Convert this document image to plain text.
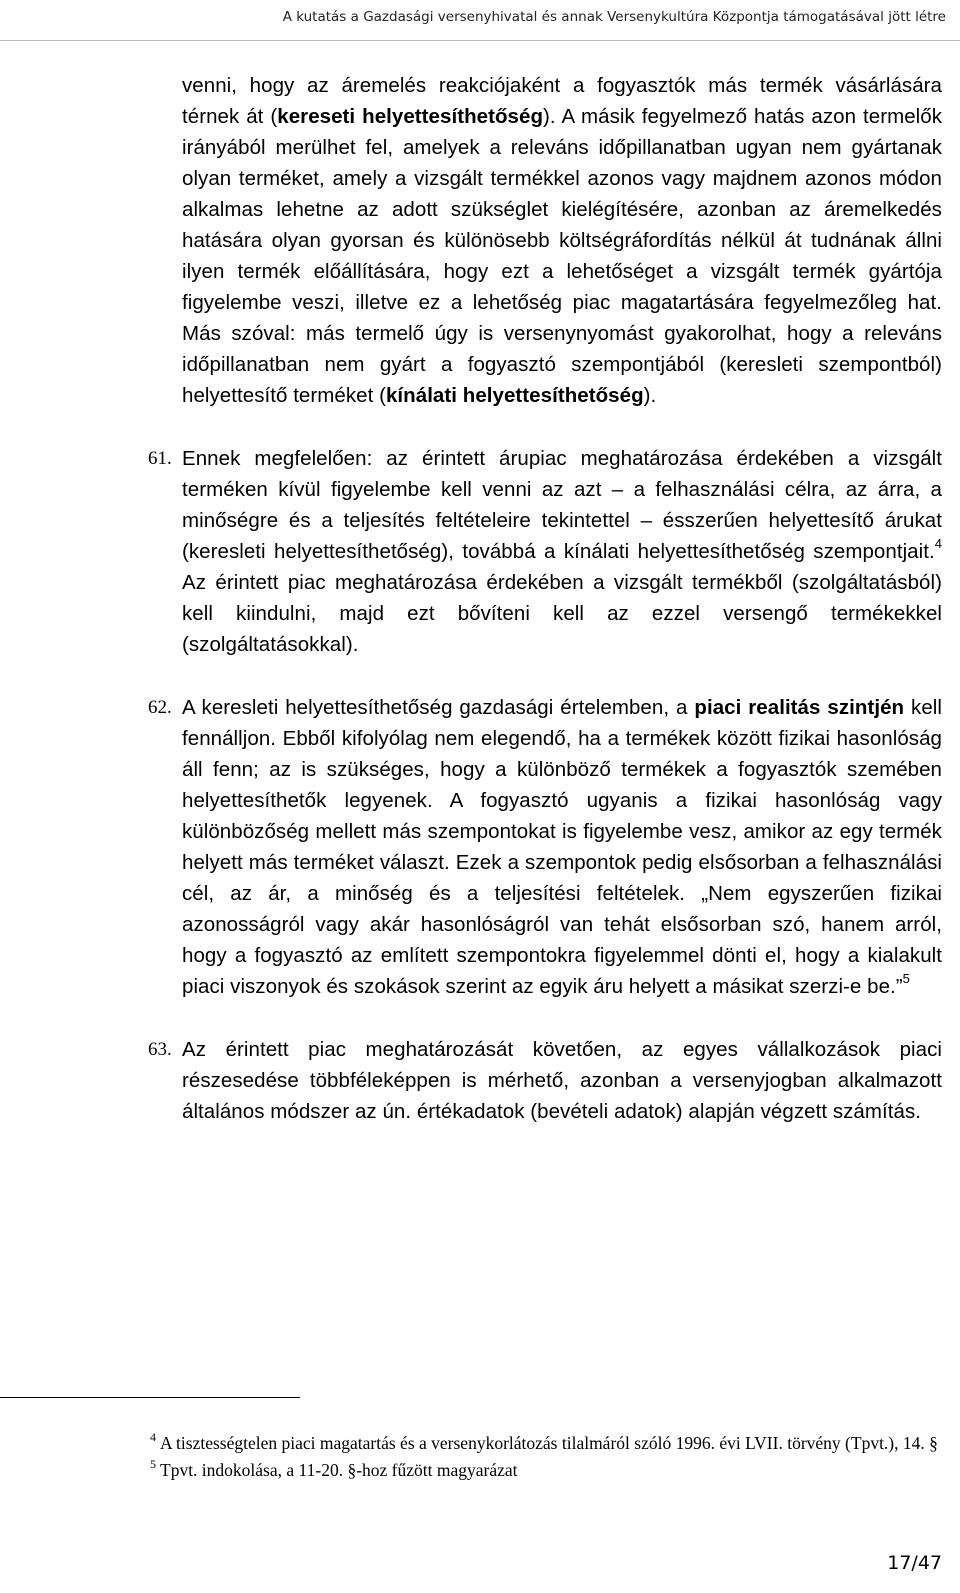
A kutatás a Gazdasági versenyhivatal és annak Versenykultúra Központja támogatásával jött létre

venni, hogy az áremelés reakciójaként a fogyasztók más termék vásárlására térnek át (kereseti helyettesíthetőség). A másik fegyelmező hatás azon termelők irányából merülhet fel, amelyek a releváns időpillanatban ugyan nem gyártanak olyan terméket, amely a vizsgált termékkel azonos vagy majdnem azonos módon alkalmas lehetne az adott szükséglet kielégítésére, azonban az áremelkedés hatására olyan gyorsan és különösebb költségráfordítás nélkül át tudnának állni ilyen termék előállítására, hogy ezt a lehetőséget a vizsgált termék gyártója figyelembe veszi, illetve ez a lehetőség piac magatartására fegyelmezőleg hat. Más szóval: más termelő úgy is versenynyomást gyakorolhat, hogy a releváns időpillanatban nem gyárt a fogyasztó szempontjából (keresleti szempontból) helyettesítő terméket (kínálati helyettesíthetőség).

61. Ennek megfelelően: az érintett árupiac meghatározása érdekében a vizsgált terméken kívül figyelembe kell venni az azt – a felhasználási célra, az árra, a minőségre és a teljesítés feltételeire tekintettel – ésszerűen helyettesítő árukat (keresleti helyettesíthetőség), továbbá a kínálati helyettesíthetőség szempontjait.$^4$ Az érintett piac meghatározása érdekében a vizsgált termékből (szolgáltatásból) kell kiindulni, majd ezt bővíteni kell az ezzel versengő termékekkel (szolgáltatásokkal).

62. A keresleti helyettesíthetőség gazdasági értelemben, a piaci realitás szintjén kell fennálljon. Ebből kifolyólag nem elegendő, ha a termékek között fizikai hasonlóság áll fenn; az is szükséges, hogy a különböző termékek a fogyasztók szemében helyettesíthetők legyenek. A fogyasztó ugyanis a fizikai hasonlóság vagy különbözőség mellett más szempontokat is figyelembe vesz, amikor az egy termék helyett más terméket választ. Ezek a szempontok pedig elsősorban a felhasználási cél, az ár, a minőség és a teljesítési feltételek. „Nem egyszerűen fizikai azonosságról vagy akár hasonlóságról van tehát elsősorban szó, hanem arról, hogy a fogyasztó az említett szempontokra figyelemmel dönti el, hogy a kialakult piaci viszonyok és szokások szerint az egyik áru helyett a másikat szerzi-e be.”$^5$

63. Az érintett piac meghatározását követően, az egyes vállalkozások piaci részesedése többféleképpen is mérhető, azonban a versenyjogban alkalmazott általános módszer az ún. értékadatok (bevételi adatok) alapján végzett számítás.

$^4$ A tisztességtelen piaci magatartás és a versenykorlátozás tilalmáról szóló 1996. évi LVII. törvény (Tpvt.), 14. §

$^5$ Tpvt. indokolása, a 11-20. §-hoz fűzött magyarázat

17/47
